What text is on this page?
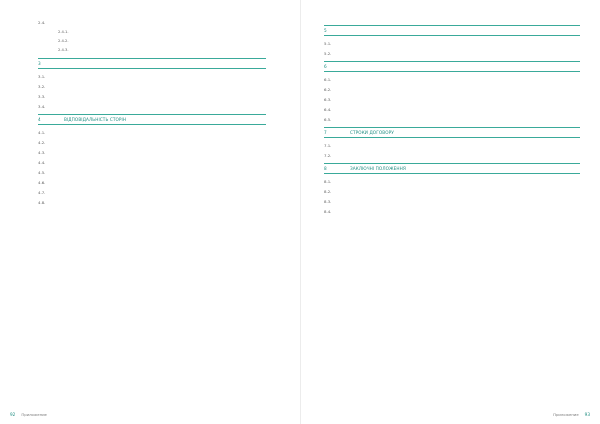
2.4.
2.4.1.
2.4.2.
2.4.3.
3
3.1.
3.2.
3.3.
3.4.
4	ВІДПОВІДАЛЬНІСТЬ СТОРІН
4.1.
4.2.
4.3.
4.4.
4.5.
4.6.
4.7.
4.8.
92 Приложение
5
5.1.
5.2.
6
6.1.
6.2.
6.3.
6.4.
6.5.
7	СТРОКИ ДОГОВОРУ
7.1.
7.2.
8	ЗАКЛЮЧНІ ПОЛОЖЕННЯ
8.1.
8.2.
8.3.
8.4.
Приложение 93
